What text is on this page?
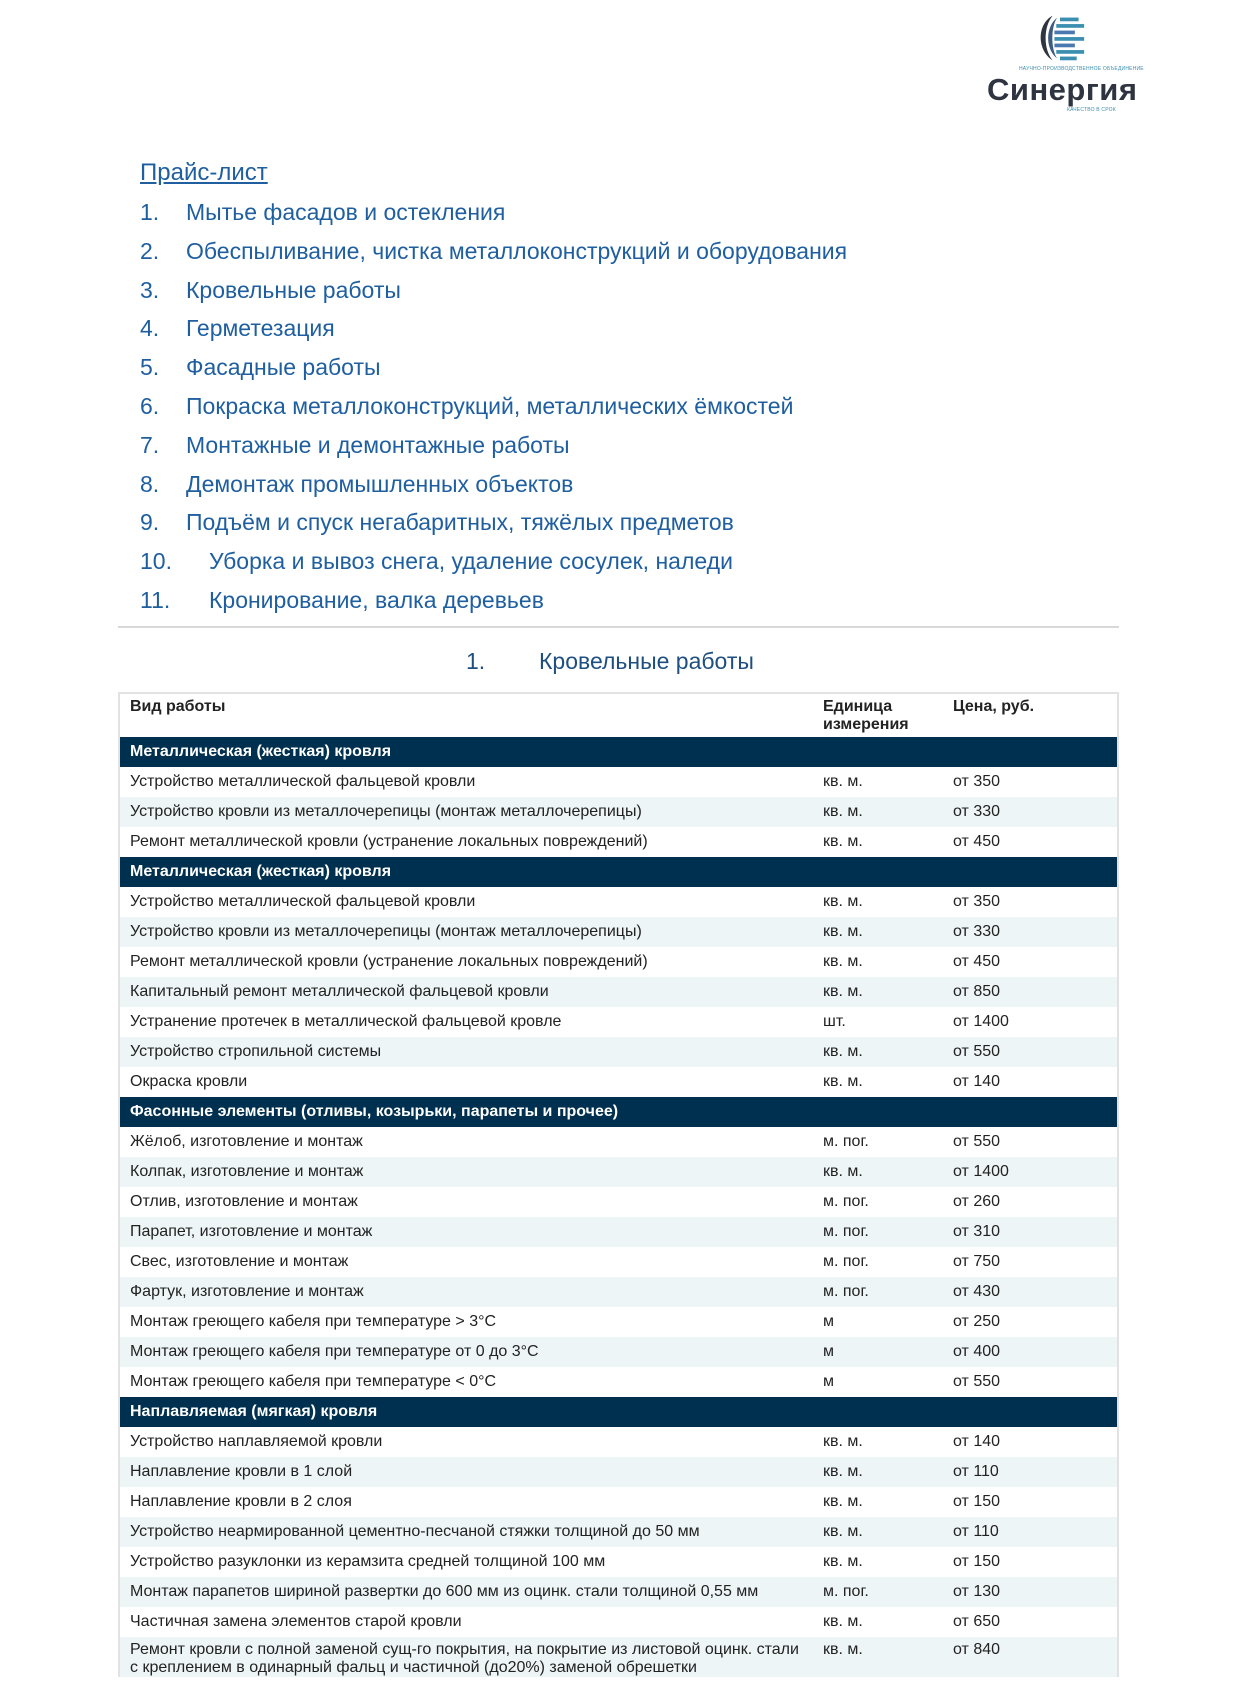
НАУЧНО-ПРОИЗВОДСТВЕННОЕ ОБЪЕДИНЕНИЕ
Синергия
КАЧЕСТВО В СРОК
Прайс-лист
1. Мытье фасадов и остекления
2. Обеспыливание, чистка металлоконструкций и оборудования
3. Кровельные работы
4. Герметезация
5. Фасадные работы
6. Покраска металлоконструкций, металлических ёмкостей
7. Монтажные и демонтажные работы
8. Демонтаж промышленных объектов
9. Подъём и спуск негабаритных, тяжёлых предметов
10. Уборка и вывоз снега, удаление сосулек, наледи
11. Кронирование, валка деревьев
1. Кровельные работы
Вид работы	Единица измерения	Цена, руб.
Металлическая (жесткая) кровля		
Устройство металлической фальцевой кровли	кв. м.	от 350
Устройство кровли из металлочерепицы (монтаж металлочерепицы)	кв. м.	от 330
Ремонт металлической кровли (устранение локальных повреждений)	кв. м.	от 450
Металлическая (жесткая) кровля		
Устройство металлической фальцевой кровли	кв. м.	от 350
Устройство кровли из металлочерепицы (монтаж металлочерепицы)	кв. м.	от 330
Ремонт металлической кровли (устранение локальных повреждений)	кв. м.	от 450
Капитальный ремонт металлической фальцевой кровли	кв. м.	от 850
Устранение протечек в металлической фальцевой кровле	шт.	от 1400
Устройство стропильной системы	кв. м.	от 550
Окраска кровли	кв. м.	от 140
Фасонные элементы (отливы, козырьки, парапеты и прочее)		
Жёлоб, изготовление и монтаж	м. пог.	от 550
Колпак, изготовление и монтаж	кв. м.	от 1400
Отлив, изготовление и монтаж	м. пог.	от 260
Парапет, изготовление и монтаж	м. пог.	от 310
Свес, изготовление и монтаж	м. пог.	от 750
Фартук, изготовление и монтаж	м. пог.	от 430
Монтаж греющего кабеля при температуре > 3°С	м	от 250
Монтаж греющего кабеля при температуре от 0 до 3°С	м	от 400
Монтаж греющего кабеля при температуре < 0°С	м	от 550
Наплавляемая (мягкая) кровля		
Устройство наплавляемой кровли	кв. м.	от 140
Наплавление кровли в 1 слой	кв. м.	от 110
Наплавление кровли в 2 слоя	кв. м.	от 150
Устройство неармированной цементно-песчаной стяжки толщиной до 50 мм	кв. м.	от 110
Устройство разуклонки из керамзита средней толщиной 100 мм	кв. м.	от 150
Монтаж парапетов шириной развертки до 600 мм из оцинк. стали толщиной 0,55 мм	м. пог.	от 130
Частичная замена элементов старой кровли	кв. м.	от 650
Ремонт кровли с полной заменой сущ-го покрытия, на покрытие из листовой оцинк. стали с креплением в одинарный фальц и частичной (до20%) заменой обрешетки	кв. м.	от 840
